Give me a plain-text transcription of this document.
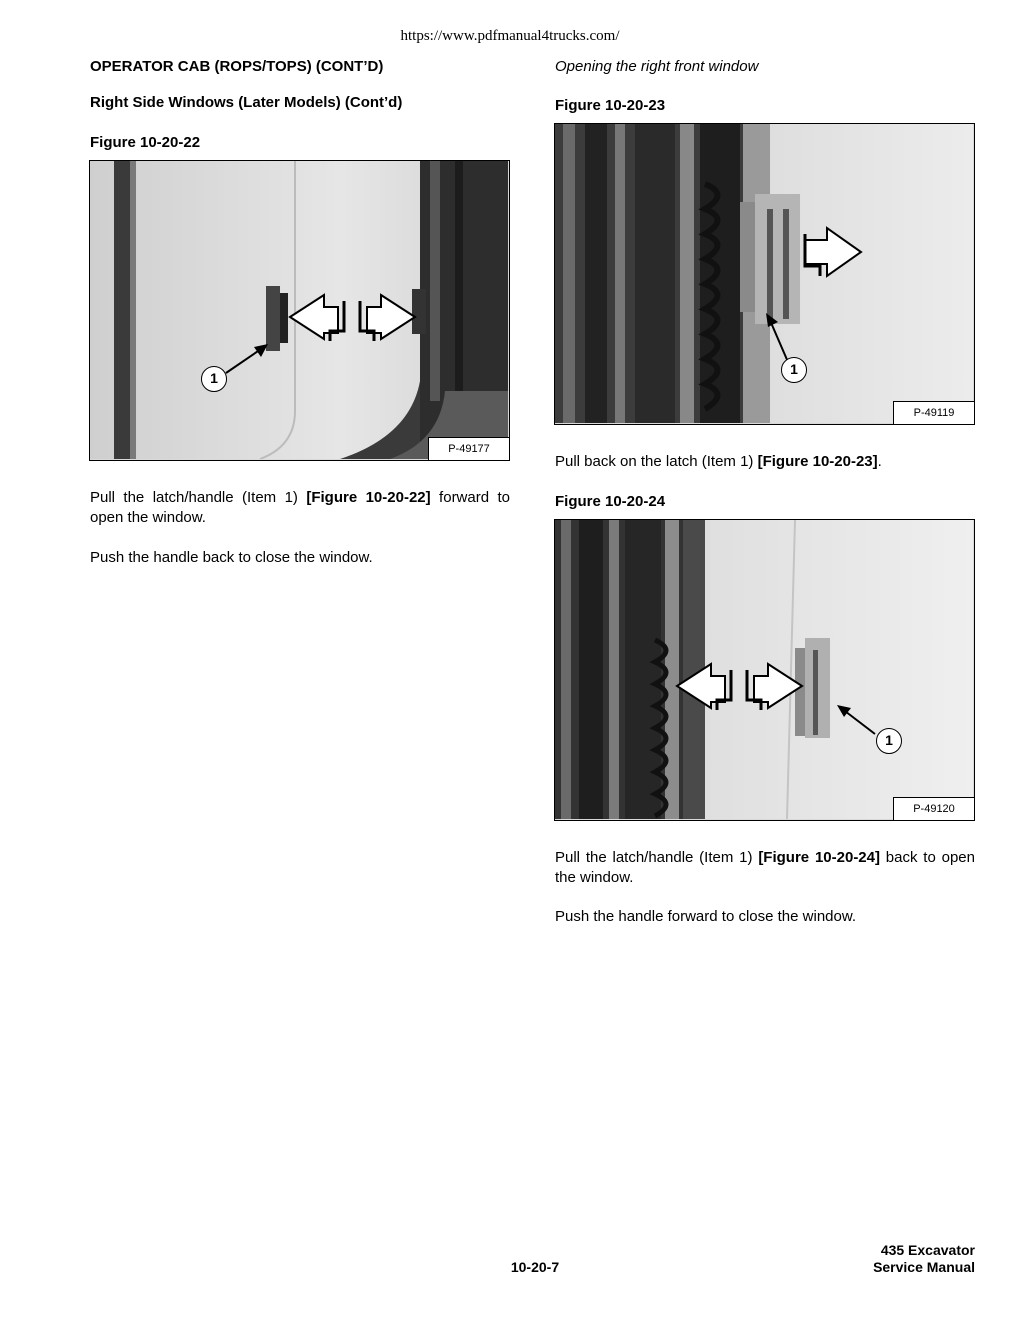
https://www.pdfmanual4trucks.com/
OPERATOR CAB (ROPS/TOPS) (CONT’D)
Right Side Windows (Later Models) (Cont’d)
Figure 10-20-22
1
P-49177
Pull the latch/handle (Item 1) [Figure 10-20-22] forward to open the window.
Push the handle back to close the window.
Opening the right front window
Figure 10-20-23
1
P-49119
Pull back on the latch (Item 1) [Figure 10-20-23].
Figure 10-20-24
1
P-49120
Pull the latch/handle (Item 1) [Figure 10-20-24] back to open the window.
Push the handle forward to close the window.
10-20-7
435 Excavator
Service Manual
